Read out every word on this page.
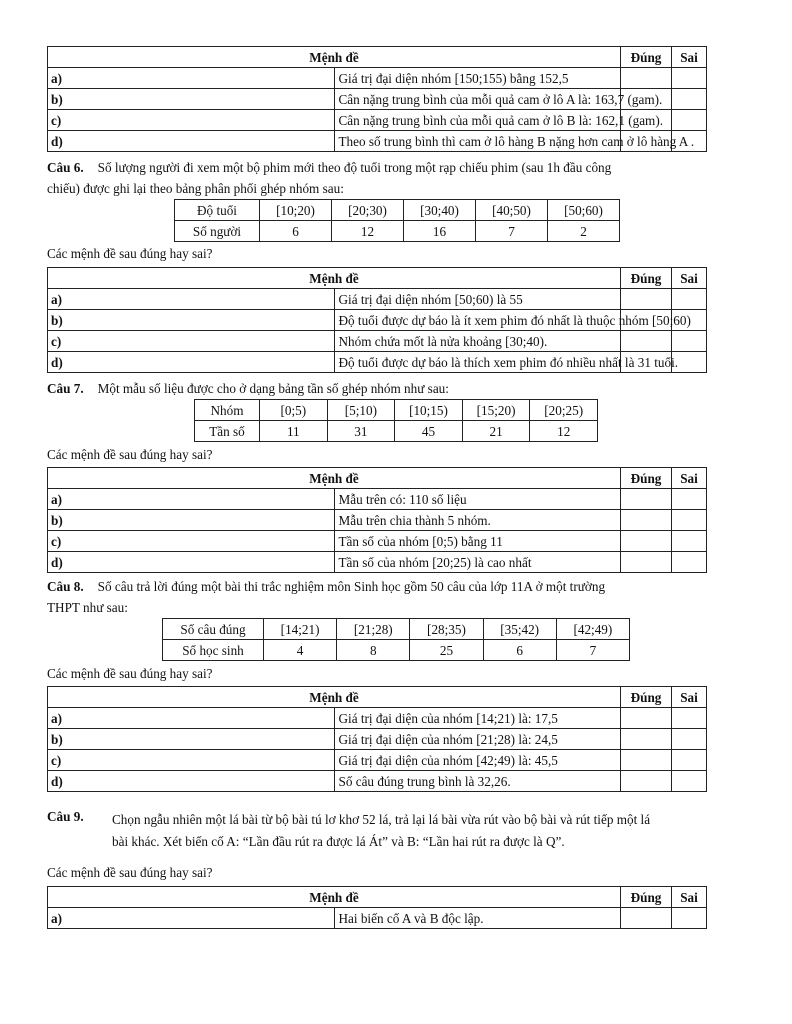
Mệnh đề		Đúng	Sai
a)	Giá trị đại diện nhóm [150;155) bằng 152,5		
b)	Cân nặng trung bình của mỗi quả cam ở lô A là: 163,7 (gam).		
c)	Cân nặng trung bình của mỗi quả cam ở lô B là: 162,1 (gam).		
d)	Theo số trung bình thì cam ở lô hàng B nặng hơn cam ở lô hàng A .		
Câu 6. Số lượng người đi xem một bộ phim mới theo độ tuổi trong một rạp chiếu phim (sau 1h đầu công
chiếu) được ghi lại theo bảng phân phối ghép nhóm sau:
Độ tuổi	[10;20)	[20;30)	[30;40)	[40;50)	[50;60)
Số người	6	12	16	7	2
Các mệnh đề sau đúng hay sai?
Mệnh đề		Đúng	Sai
a)	Giá trị đại diện nhóm [50;60) là 55		
b)	Độ tuổi được dự báo là ít xem phim đó nhất là thuộc nhóm [50;60)		
c)	Nhóm chứa mốt là nửa khoảng [30;40).		
d)	Độ tuổi được dự báo là thích xem phim đó nhiều nhất là 31 tuổi.		
Câu 7. Một mẫu số liệu được cho ở dạng bảng tần số ghép nhóm như sau:
Nhóm	[0;5)	[5;10)	[10;15)	[15;20)	[20;25)
Tần số	11	31	45	21	12
Các mệnh đề sau đúng hay sai?
Mệnh đề		Đúng	Sai
a)	Mẫu trên có: 110 số liệu		
b)	Mẫu trên chia thành 5 nhóm.		
c)	Tần số của nhóm [0;5) bằng 11		
d)	Tần số của nhóm [20;25) là cao nhất		
Câu 8. Số câu trả lời đúng một bài thi trắc nghiệm môn Sinh học gồm 50 câu của lớp 11A ở một trường
THPT như sau:
Số câu đúng	[14;21)	[21;28)	[28;35)	[35;42)	[42;49)
Số học sinh	4	8	25	6	7
Các mệnh đề sau đúng hay sai?
Mệnh đề		Đúng	Sai
a)	Giá trị đại diện của nhóm [14;21) là: 17,5		
b)	Giá trị đại diện của nhóm [21;28) là: 24,5		
c)	Giá trị đại diện của nhóm [42;49) là: 45,5		
d)	Số câu đúng trung bình là 32,26.		
Câu 9. Chọn ngẫu nhiên một lá bài từ bộ bài tú lơ khơ 52 lá, trả lại lá bài vừa rút vào bộ bài và rút tiếp một lá
bài khác. Xét biến cố A: “Lần đầu rút ra được lá Át” và B: “Lần hai rút ra được là Q”.
Các mệnh đề sau đúng hay sai?
Mệnh đề		Đúng	Sai
a)	Hai biến cố A và B độc lập.		
